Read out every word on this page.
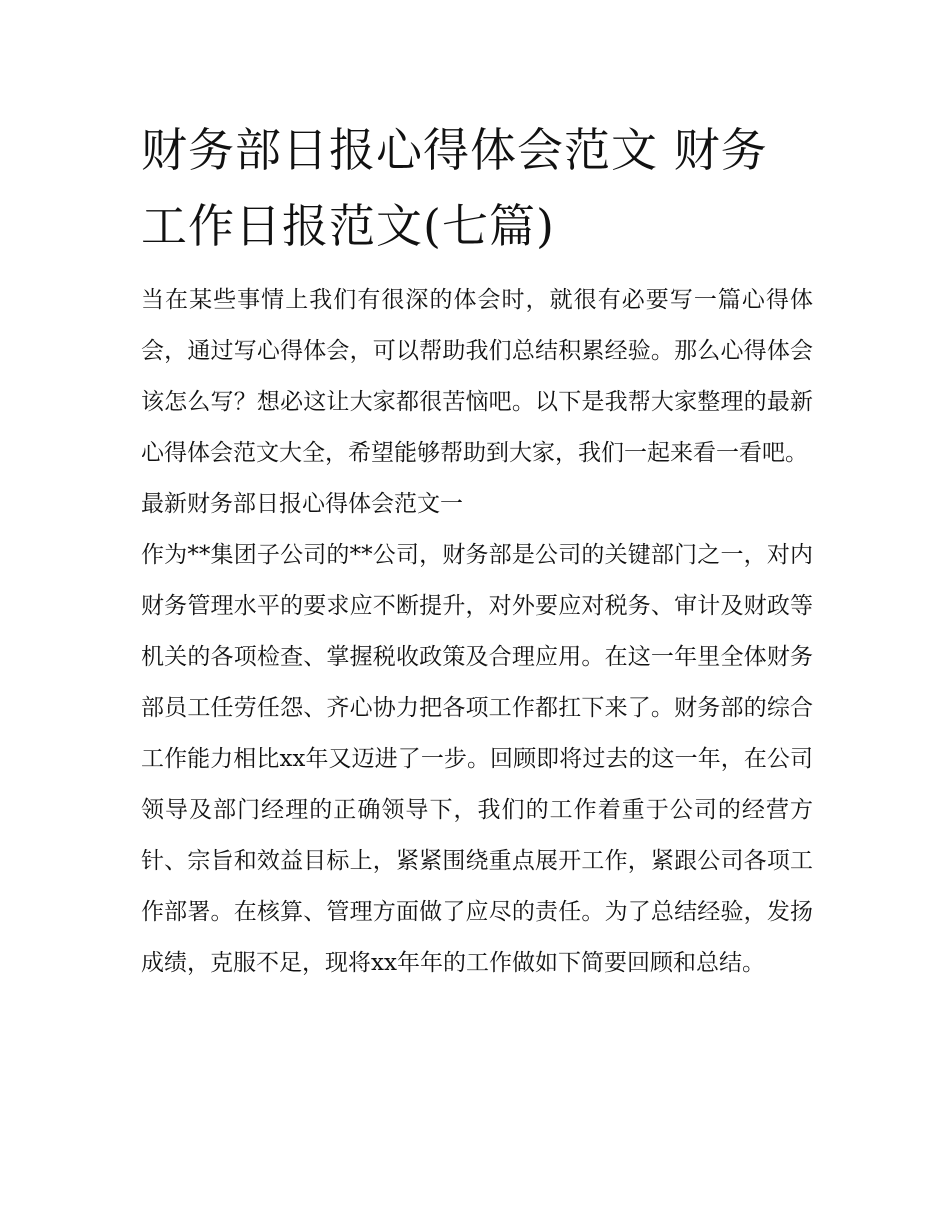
财务部日报心得体会范文 财务工作日报范文(七篇)

当在某些事情上我们有很深的体会时，就很有必要写一篇心得体会，通过写心得体会，可以帮助我们总结积累经验。那么心得体会该怎么写？想必这让大家都很苦恼吧。以下是我帮大家整理的最新心得体会范文大全，希望能够帮助到大家，我们一起来看一看吧。

最新财务部日报心得体会范文一

作为**集团子公司的**公司，财务部是公司的关键部门之一，对内财务管理水平的要求应不断提升，对外要应对税务、审计及财政等机关的各项检查、掌握税收政策及合理应用。在这一年里全体财务部员工任劳任怨、齐心协力把各项工作都扛下来了。财务部的综合工作能力相比xx年又迈进了一步。回顾即将过去的这一年，在公司领导及部门经理的正确领导下，我们的工作着重于公司的经营方针、宗旨和效益目标上，紧紧围绕重点展开工作，紧跟公司各项工作部署。在核算、管理方面做了应尽的责任。为了总结经验，发扬成绩，克服不足，现将xx年年的工作做如下简要回顾和总结。
